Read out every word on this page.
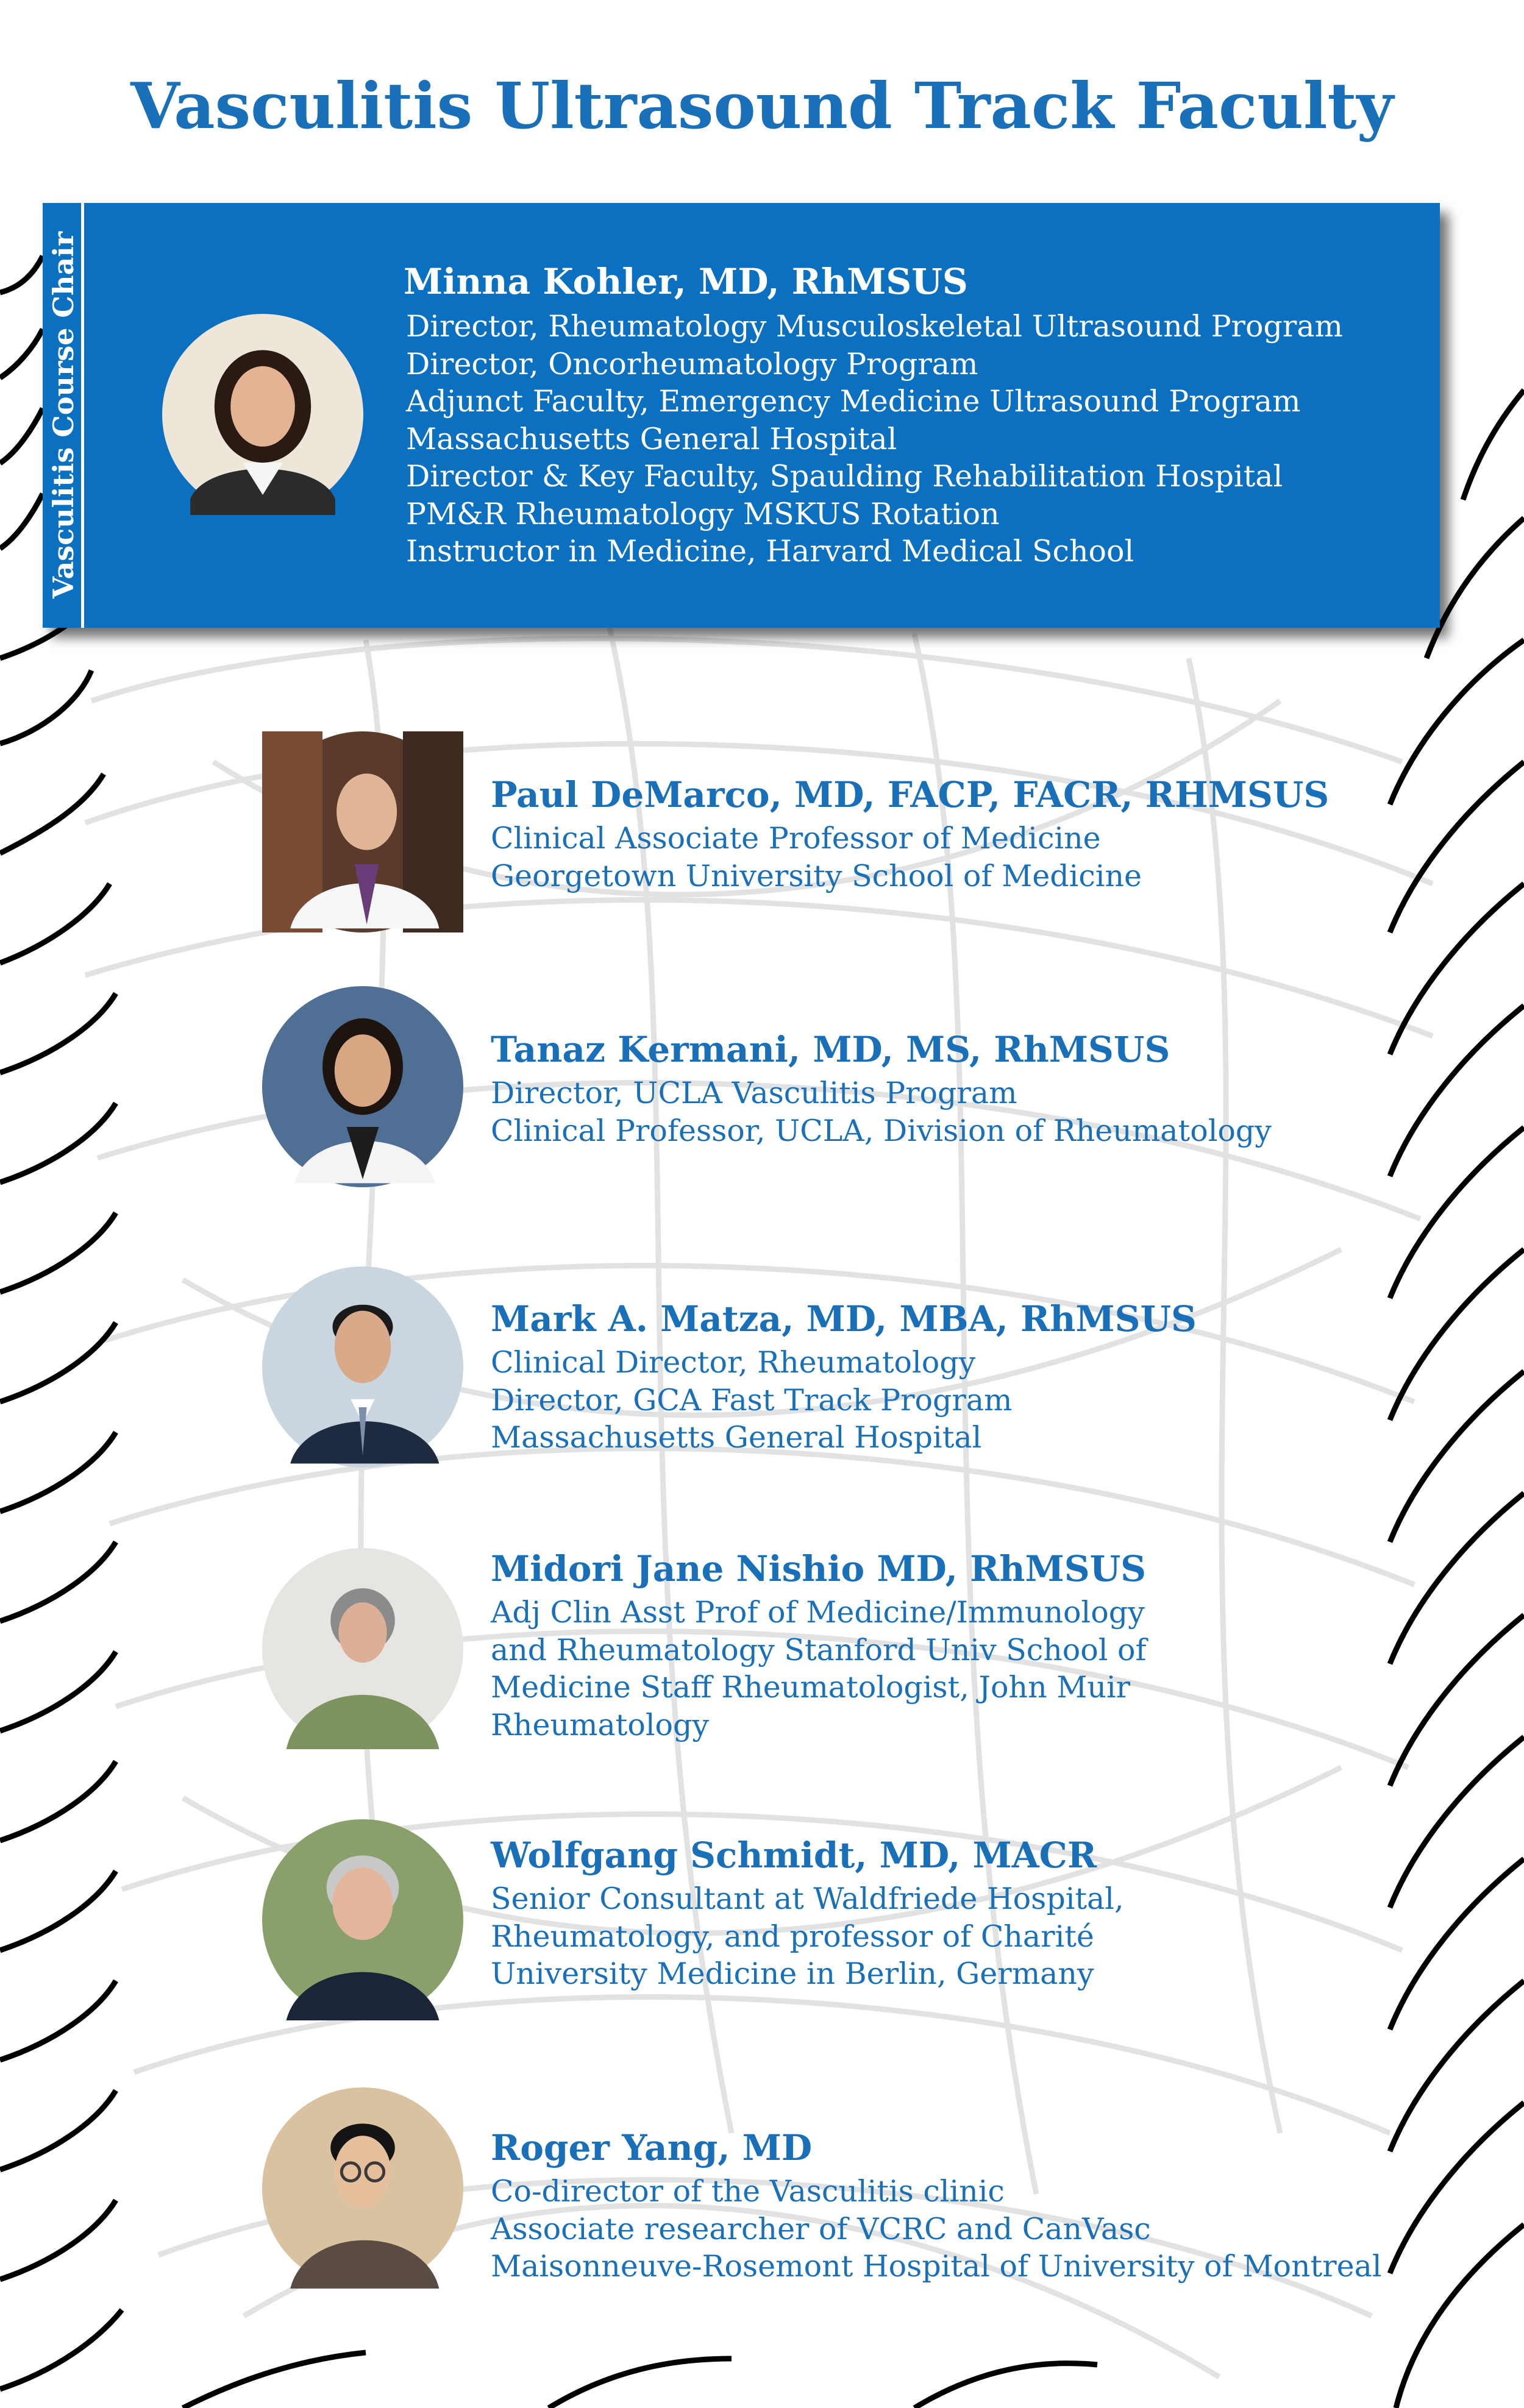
Vasculitis Ultrasound Track Faculty
Vasculitis Course Chair	Minna Kohler, MD, RhMSUS
Director, Rheumatology Musculoskeletal Ultrasound Program
Director, Oncorheumatology Program
Adjunct Faculty, Emergency Medicine Ultrasound Program
Massachusetts General Hospital
Director & Key Faculty, Spaulding Rehabilitation Hospital
PM&R Rheumatology MSKUS Rotation
Instructor in Medicine, Harvard Medical School
Paul DeMarco, MD, FACP, FACR, RHMSUS
Clinical Associate Professor of Medicine
Georgetown University School of Medicine
Tanaz Kermani, MD, MS, RhMSUS
Director, UCLA Vasculitis Program
Clinical Professor, UCLA, Division of Rheumatology
Mark A. Matza, MD, MBA, RhMSUS
Clinical Director, Rheumatology
Director, GCA Fast Track Program
Massachusetts General Hospital
Midori Jane Nishio MD, RhMSUS
Adj Clin Asst Prof of Medicine/Immunology
and Rheumatology Stanford Univ School of
Medicine Staff Rheumatologist, John Muir
Rheumatology
Wolfgang Schmidt, MD, MACR
Senior Consultant at Waldfriede Hospital,
Rheumatology, and professor of Charité
University Medicine in Berlin, Germany
Roger Yang, MD
Co-director of the Vasculitis clinic
Associate researcher of VCRC and CanVasc
Maisonneuve-Rosemont Hospital of University of Montreal
